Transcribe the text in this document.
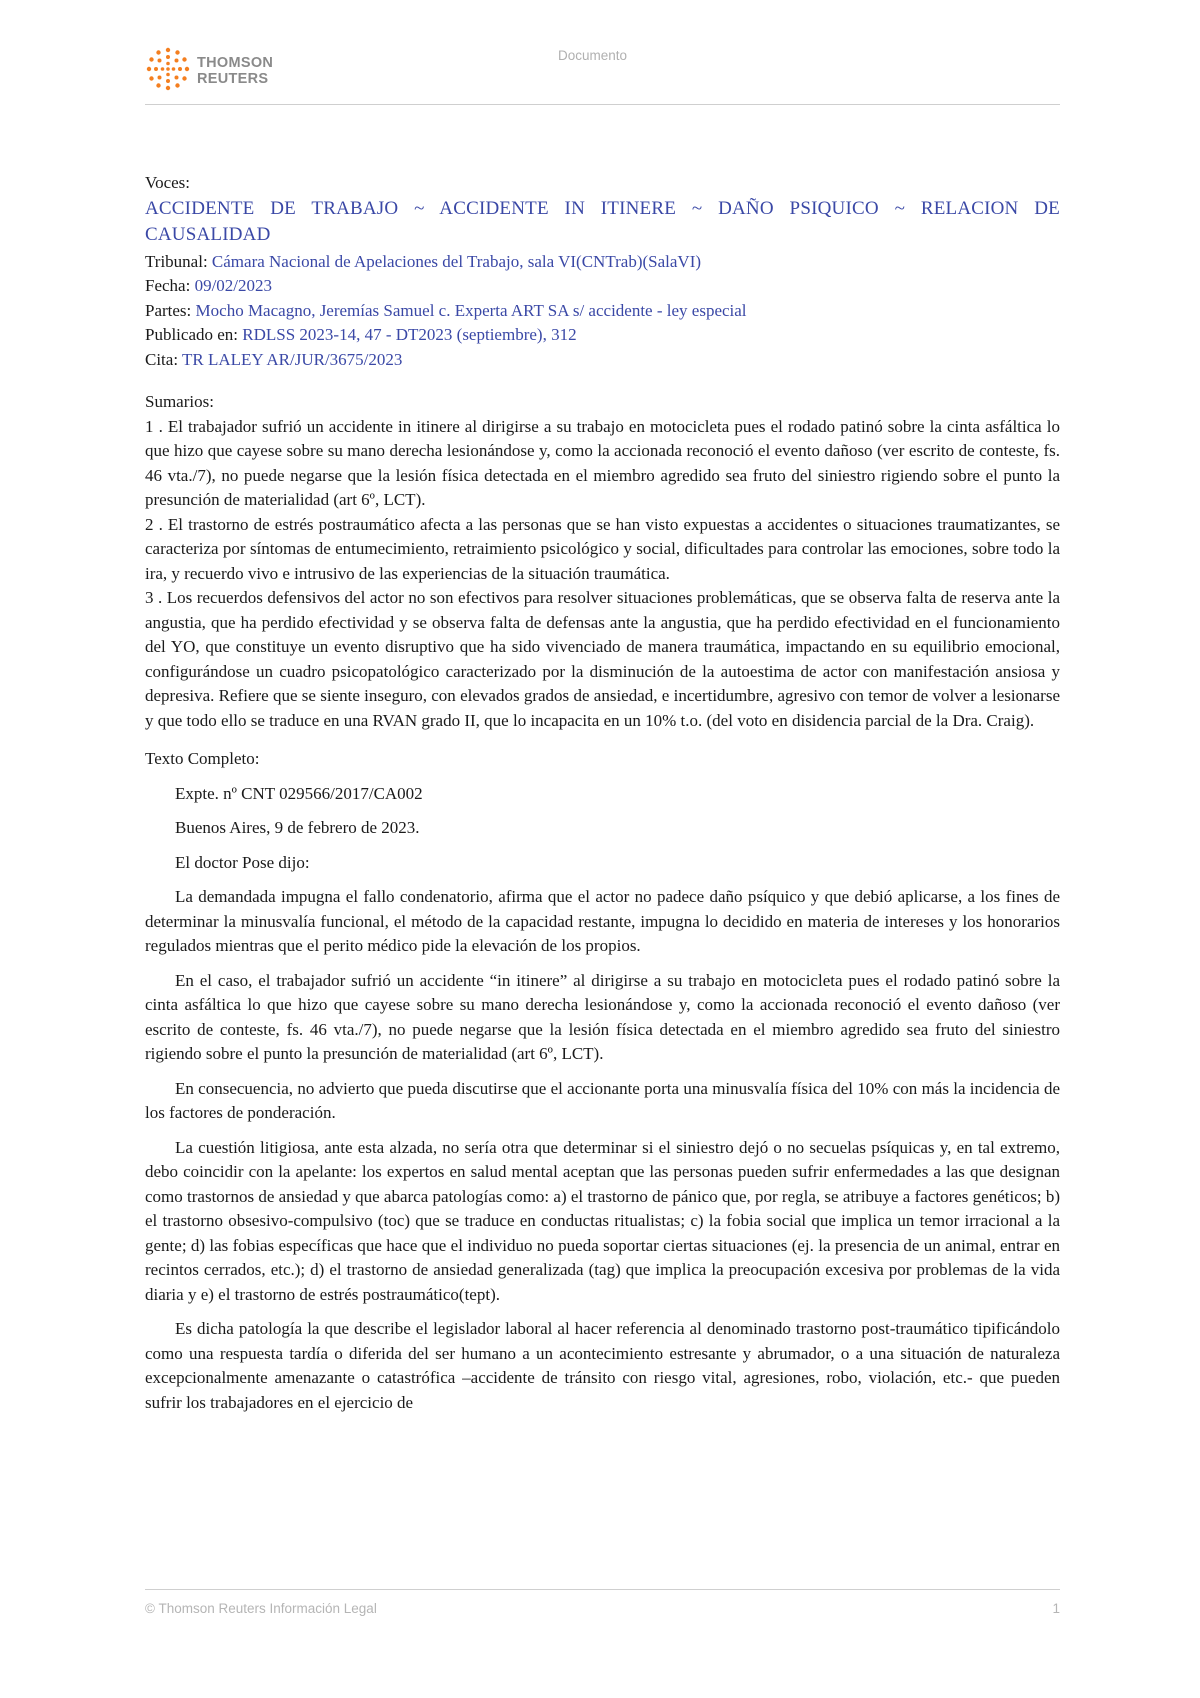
THOMSON
REUTERS
Documento
Voces:
ACCIDENTE DE TRABAJO ~ ACCIDENTE IN ITINERE ~ DAÑO PSIQUICO ~ RELACION DE CAUSALIDAD
Tribunal: Cámara Nacional de Apelaciones del Trabajo, sala VI(CNTrab)(SalaVI)
Fecha: 09/02/2023
Partes: Mocho Macagno, Jeremías Samuel c. Experta ART SA s/ accidente - ley especial
Publicado en: RDLSS 2023-14, 47 - DT2023 (septiembre), 312
Cita: TR LALEY AR/JUR/3675/2023
Sumarios:

1 . El trabajador sufrió un accidente in itinere al dirigirse a su trabajo en motocicleta pues el rodado patinó sobre la cinta asfáltica lo que hizo que cayese sobre su mano derecha lesionándose y, como la accionada reconoció el evento dañoso (ver escrito de conteste, fs. 46 vta./7), no puede negarse que la lesión física detectada en el miembro agredido sea fruto del siniestro rigiendo sobre el punto la presunción de materialidad (art 6º, LCT).

2 . El trastorno de estrés postraumático afecta a las personas que se han visto expuestas a accidentes o situaciones traumatizantes, se caracteriza por síntomas de entumecimiento, retraimiento psicológico y social, dificultades para controlar las emociones, sobre todo la ira, y recuerdo vivo e intrusivo de las experiencias de la situación traumática.

3 . Los recuerdos defensivos del actor no son efectivos para resolver situaciones problemáticas, que se observa falta de reserva ante la angustia, que ha perdido efectividad y se observa falta de defensas ante la angustia, que ha perdido efectividad en el funcionamiento del YO, que constituye un evento disruptivo que ha sido vivenciado de manera traumática, impactando en su equilibrio emocional, configurándose un cuadro psicopatológico caracterizado por la disminución de la autoestima de actor con manifestación ansiosa y depresiva. Refiere que se siente inseguro, con elevados grados de ansiedad, e incertidumbre, agresivo con temor de volver a lesionarse y que todo ello se traduce en una RVAN grado II, que lo incapacita en un 10% t.o. (del voto en disidencia parcial de la Dra. Craig).

Texto Completo:

Expte. nº CNT 029566/2017/CA002

Buenos Aires, 9 de febrero de 2023.

El doctor Pose dijo:

La demandada impugna el fallo condenatorio, afirma que el actor no padece daño psíquico y que debió aplicarse, a los fines de determinar la minusvalía funcional, el método de la capacidad restante, impugna lo decidido en materia de intereses y los honorarios regulados mientras que el perito médico pide la elevación de los propios.

En el caso, el trabajador sufrió un accidente “in itinere” al dirigirse a su trabajo en motocicleta pues el rodado patinó sobre la cinta asfáltica lo que hizo que cayese sobre su mano derecha lesionándose y, como la accionada reconoció el evento dañoso (ver escrito de conteste, fs. 46 vta./7), no puede negarse que la lesión física detectada en el miembro agredido sea fruto del siniestro rigiendo sobre el punto la presunción de materialidad (art 6º, LCT).

En consecuencia, no advierto que pueda discutirse que el accionante porta una minusvalía física del 10% con más la incidencia de los factores de ponderación.

La cuestión litigiosa, ante esta alzada, no sería otra que determinar si el siniestro dejó o no secuelas psíquicas y, en tal extremo, debo coincidir con la apelante: los expertos en salud mental aceptan que las personas pueden sufrir enfermedades a las que designan como trastornos de ansiedad y que abarca patologías como: a) el trastorno de pánico que, por regla, se atribuye a factores genéticos; b) el trastorno obsesivo-compulsivo (toc) que se traduce en conductas ritualistas; c) la fobia social que implica un temor irracional a la gente; d) las fobias específicas que hace que el individuo no pueda soportar ciertas situaciones (ej. la presencia de un animal, entrar en recintos cerrados, etc.); d) el trastorno de ansiedad generalizada (tag) que implica la preocupación excesiva por problemas de la vida diaria y e) el trastorno de estrés postraumático(tept).

Es dicha patología la que describe el legislador laboral al hacer referencia al denominado trastorno post-traumático tipificándolo como una respuesta tardía o diferida del ser humano a un acontecimiento estresante y abrumador, o a una situación de naturaleza excepcionalmente amenazante o catastrófica –accidente de tránsito con riesgo vital, agresiones, robo, violación, etc.- que pueden sufrir los trabajadores en el ejercicio de

© Thomson Reuters Información Legal	1
